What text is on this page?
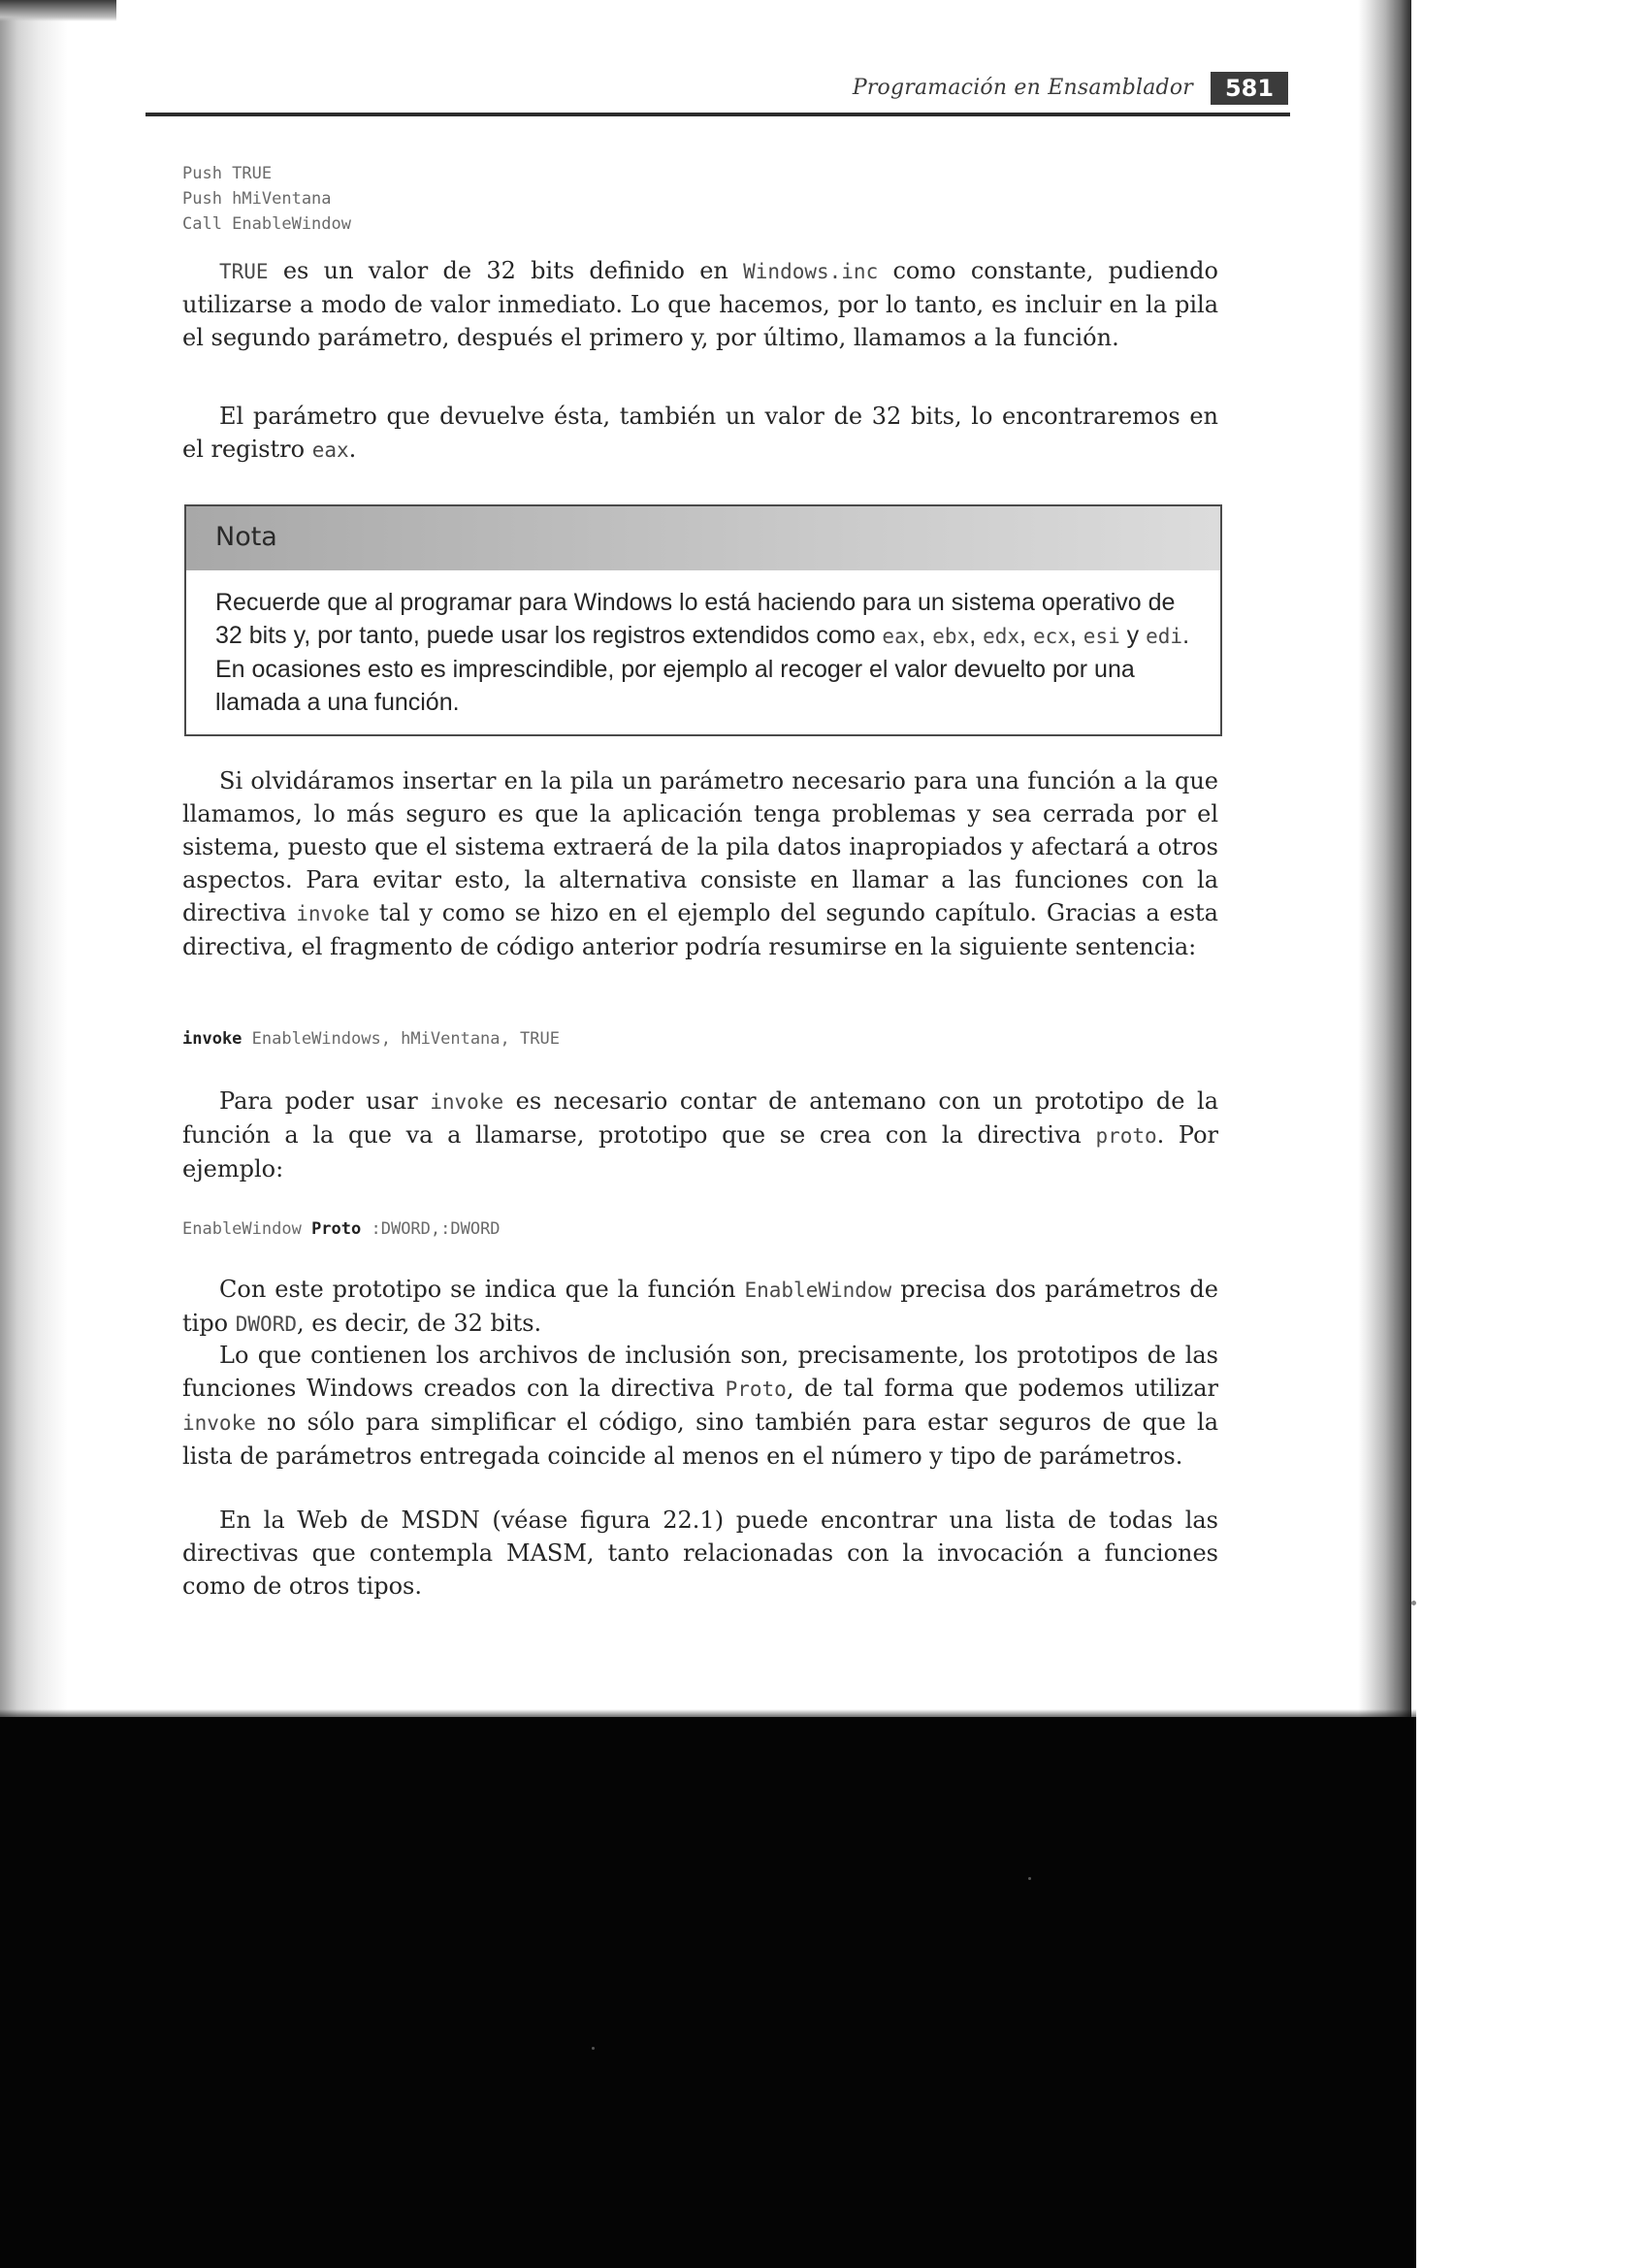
Programación en Ensamblador	581
Push TRUE
Push hMiVentana
Call EnableWindow

TRUE es un valor de 32 bits definido en Windows.inc como constante, pudiendo utilizarse a modo de valor inmediato. Lo que hacemos, por lo tanto, es incluir en la pila el segundo parámetro, después el primero y, por último, llamamos a la función.

El parámetro que devuelve ésta, también un valor de 32 bits, lo encontraremos en el registro eax.

Nota
Recuerde que al programar para Windows lo está haciendo para un sistema operativo de 32 bits y, por tanto, puede usar los registros extendidos como eax, ebx, edx, ecx, esi y edi. En ocasiones esto es imprescindible, por ejemplo al recoger el valor devuelto por una llamada a una función.

Si olvidáramos insertar en la pila un parámetro necesario para una función a la que llamamos, lo más seguro es que la aplicación tenga problemas y sea cerrada por el sistema, puesto que el sistema extraerá de la pila datos inapropiados y afectará a otros aspectos. Para evitar esto, la alternativa consiste en llamar a las funciones con la directiva invoke tal y como se hizo en el ejemplo del segundo capítulo. Gracias a esta directiva, el fragmento de código anterior podría resumirse en la siguiente sentencia:

invoke EnableWindows, hMiVentana, TRUE

Para poder usar invoke es necesario contar de antemano con un prototipo de la función a la que va a llamarse, prototipo que se crea con la directiva proto. Por ejemplo:

EnableWindow Proto :DWORD,:DWORD

Con este prototipo se indica que la función EnableWindow precisa dos parámetros de tipo DWORD, es decir, de 32 bits.

Lo que contienen los archivos de inclusión son, precisamente, los prototipos de las funciones Windows creados con la directiva Proto, de tal forma que podemos utilizar invoke no sólo para simplificar el código, sino también para estar seguros de que la lista de parámetros entregada coincide al menos en el número y tipo de parámetros.

En la Web de MSDN (véase figura 22.1) puede encontrar una lista de todas las directivas que contempla MASM, tanto relacionadas con la invocación a funciones como de otros tipos.
